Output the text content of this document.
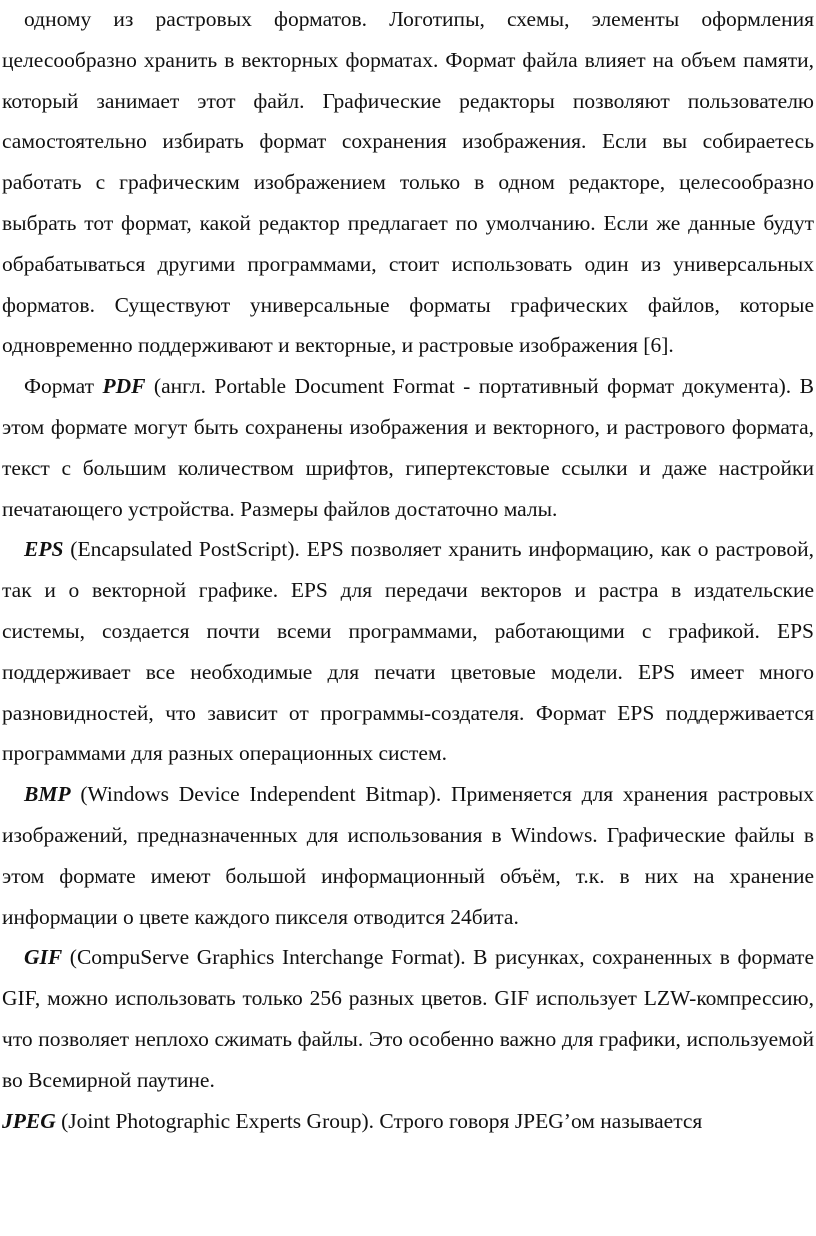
одному из растровых форматов. Логотипы, схемы, элементы оформления целесообразно хранить в векторных форматах. Формат файла влияет на объем памяти, который занимает этот файл. Графические редакторы позволяют пользователю самостоятельно избирать формат сохранения изображения. Если вы собираетесь работать с графическим изображением только в одном редакторе, целесообразно выбрать тот формат, какой редактор предлагает по умолчанию. Если же данные будут обрабатываться другими программами, стоит использовать один из универсальных форматов. Существуют универсальные форматы графических файлов, которые одновременно поддерживают и векторные, и растровые изображения [6].

Формат PDF (англ. Portable Document Format - портативный формат документа). В этом формате могут быть сохранены изображения и векторного, и растрового формата, текст с большим количеством шрифтов, гипертекстовые ссылки и даже настройки печатающего устройства. Размеры файлов достаточно малы.

EPS (Encapsulated PostScript). EPS позволяет хранить информацию, как о растровой, так и о векторной графике. EPS для передачи векторов и растра в издательские системы, создается почти всеми программами, работающими с графикой. EPS поддерживает все необходимые для печати цветовые модели. EPS имеет много разновидностей, что зависит от программы-создателя. Формат EPS поддерживается программами для разных операционных систем.

BMP (Windows Device Independent Bitmap). Применяется для хранения растровых изображений, предназначенных для использования в Windows. Графические файлы в этом формате имеют большой информационный объём, т.к. в них на хранение информации о цвете каждого пикселя отводится 24бита.

GIF (CompuServe Graphics Interchange Format). В рисунках, сохраненных в формате GIF, можно использовать только 256 разных цветов. GIF использует LZW-компрессию, что позволяет неплохо сжимать файлы. Это особенно важно для графики, используемой во Всемирной паутине.

JPEG (Joint Photographic Experts Group). Строго говоря JPEG’ом называется
